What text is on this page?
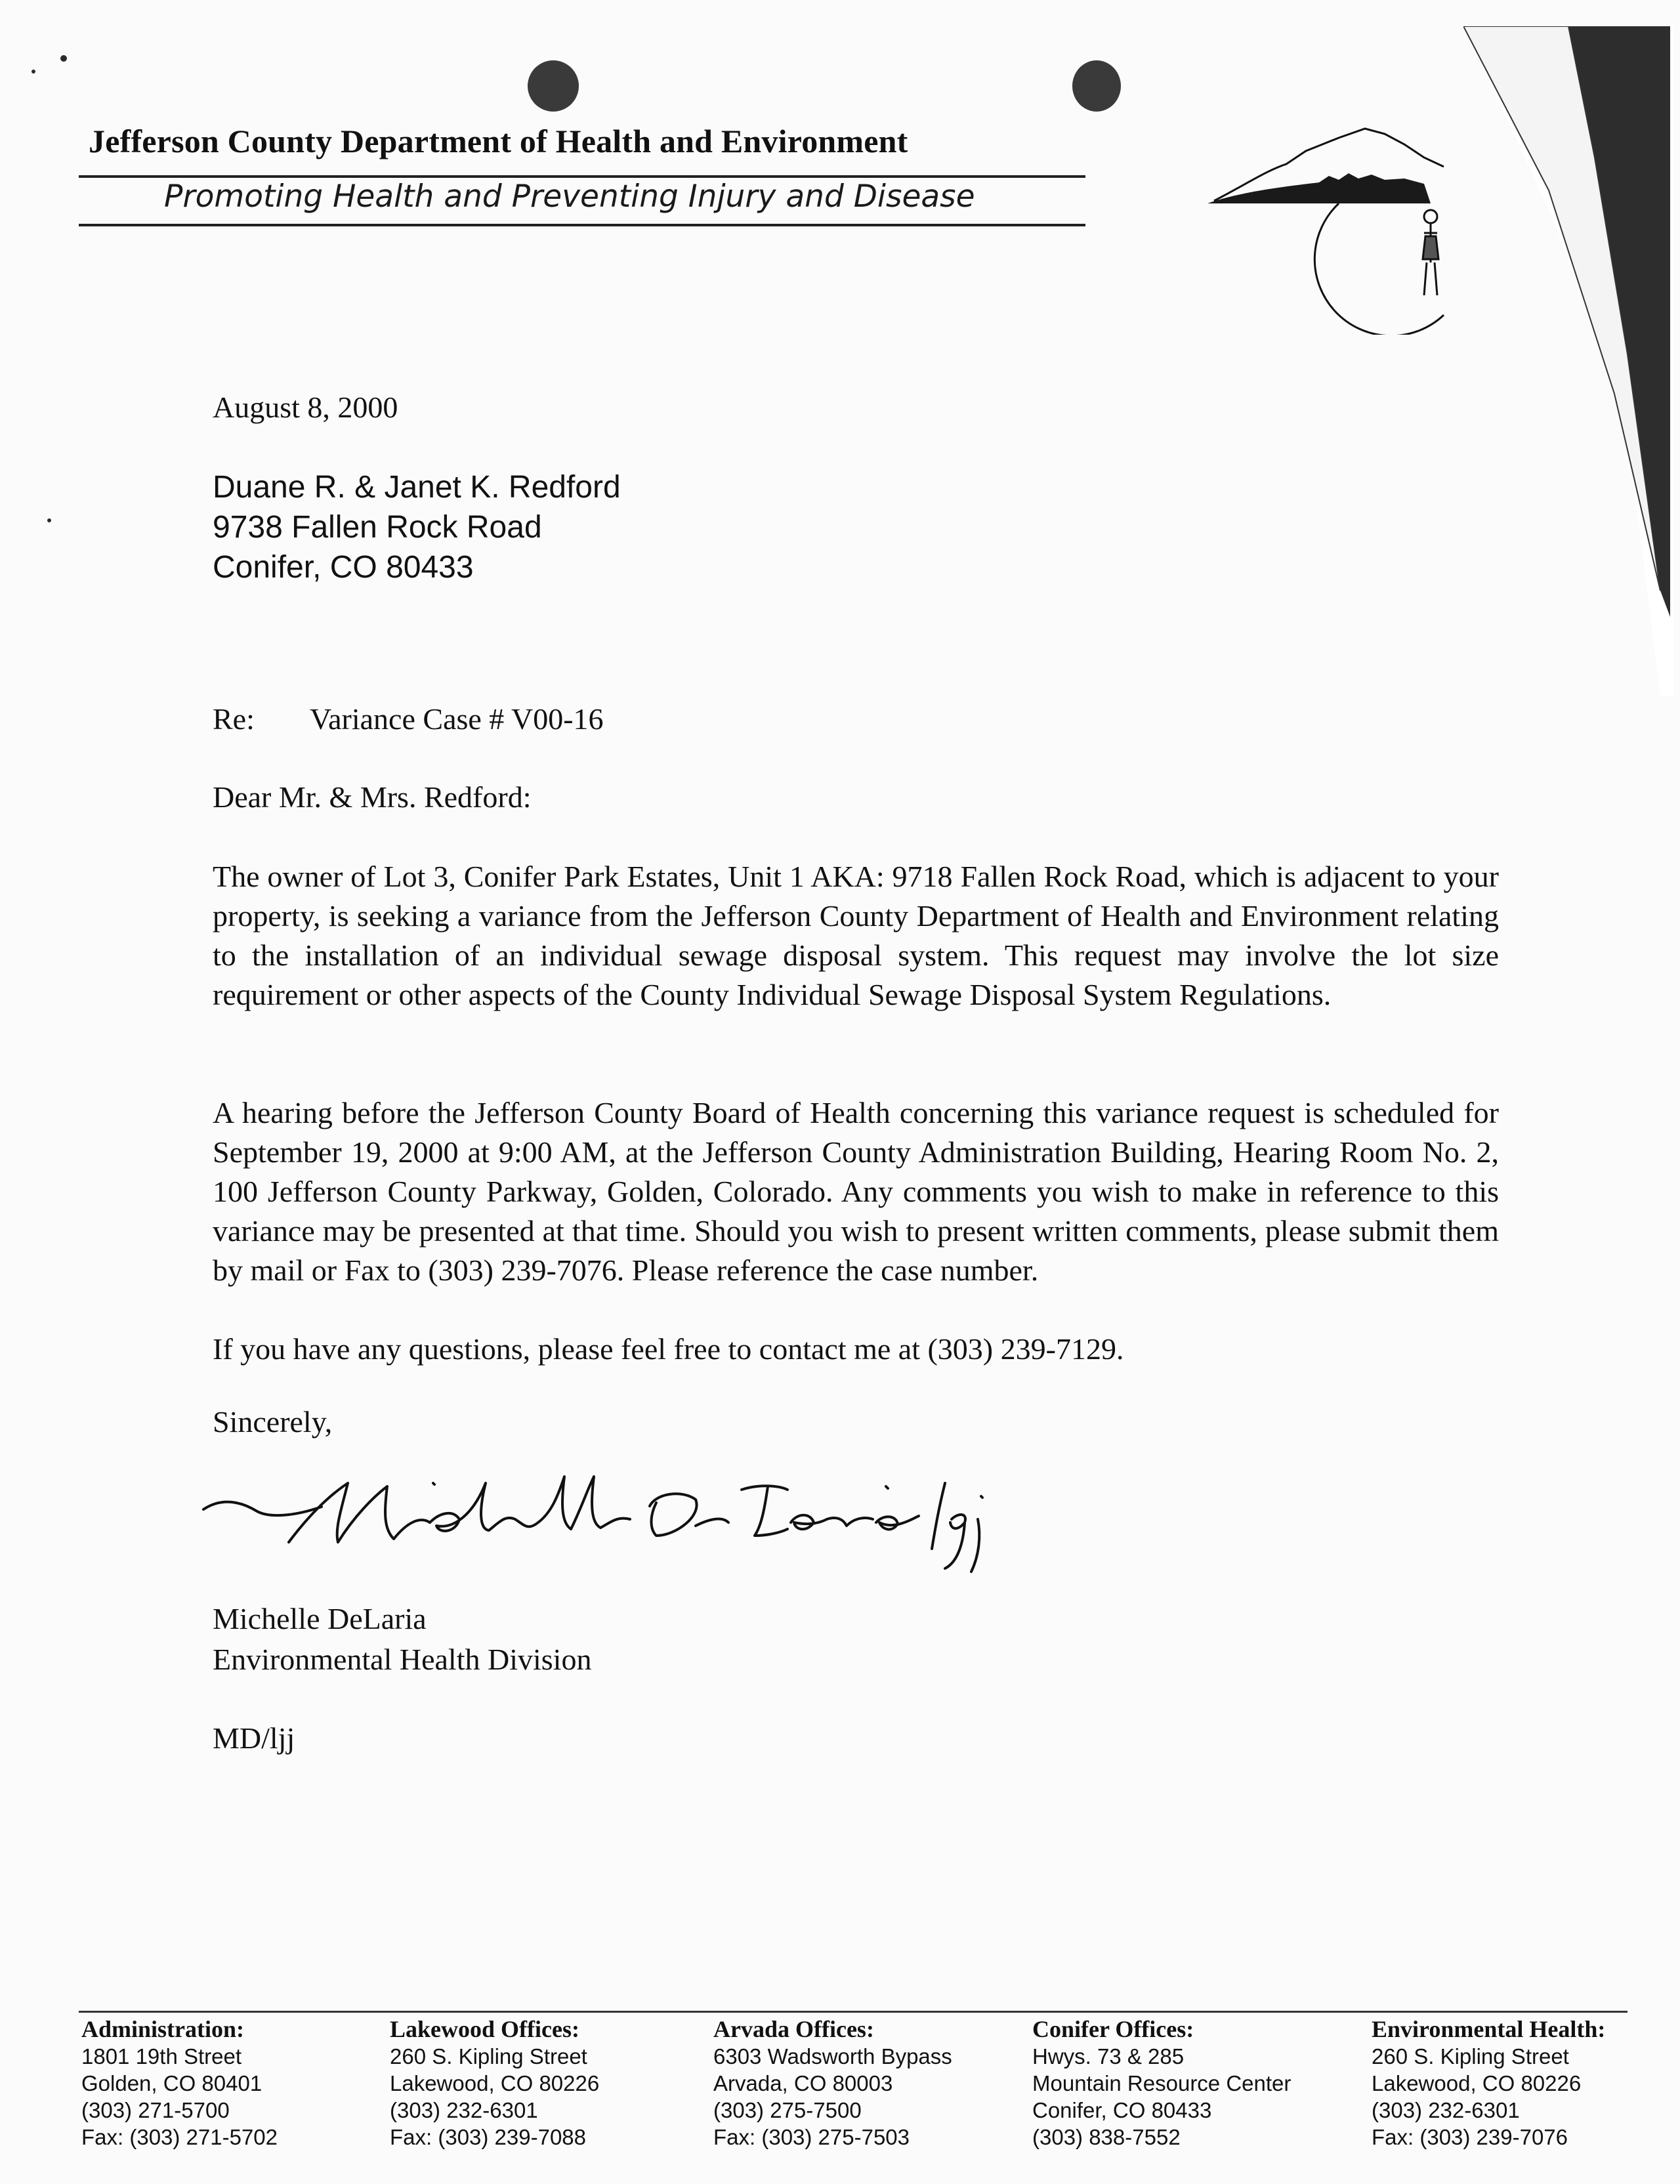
Jefferson County Department of Health and Environment
Promoting Health and Preventing Injury and Disease
August 8, 2000
Duane R. & Janet K. Redford
9738 Fallen Rock Road
Conifer, CO 80433
Re: Variance Case # V00-16
Dear Mr. & Mrs. Redford:
The owner of Lot 3, Conifer Park Estates, Unit 1 AKA: 9718 Fallen Rock Road, which is adjacent to your property, is seeking a variance from the Jefferson County Department of Health and Environment relating to the installation of an individual sewage disposal system. This request may involve the lot size requirement or other aspects of the County Individual Sewage Disposal System Regulations.
A hearing before the Jefferson County Board of Health concerning this variance request is scheduled for September 19, 2000 at 9:00 AM, at the Jefferson County Administration Building, Hearing Room No. 2, 100 Jefferson County Parkway, Golden, Colorado. Any comments you wish to make in reference to this variance may be presented at that time. Should you wish to present written comments, please submit them by mail or Fax to (303) 239-7076. Please reference the case number.
If you have any questions, please feel free to contact me at (303) 239-7129.
Sincerely,
Michelle DeLaria
Environmental Health Division
MD/ljj
Administration:
1801 19th Street
Golden, CO 80401
(303) 271-5700
Fax: (303) 271-5702
Lakewood Offices:
260 S. Kipling Street
Lakewood, CO 80226
(303) 232-6301
Fax: (303) 239-7088
Arvada Offices:
6303 Wadsworth Bypass
Arvada, CO 80003
(303) 275-7500
Fax: (303) 275-7503
Conifer Offices:
Hwys. 73 & 285
Mountain Resource Center
Conifer, CO 80433
(303) 838-7552
Environmental Health:
260 S. Kipling Street
Lakewood, CO 80226
(303) 232-6301
Fax: (303) 239-7076
